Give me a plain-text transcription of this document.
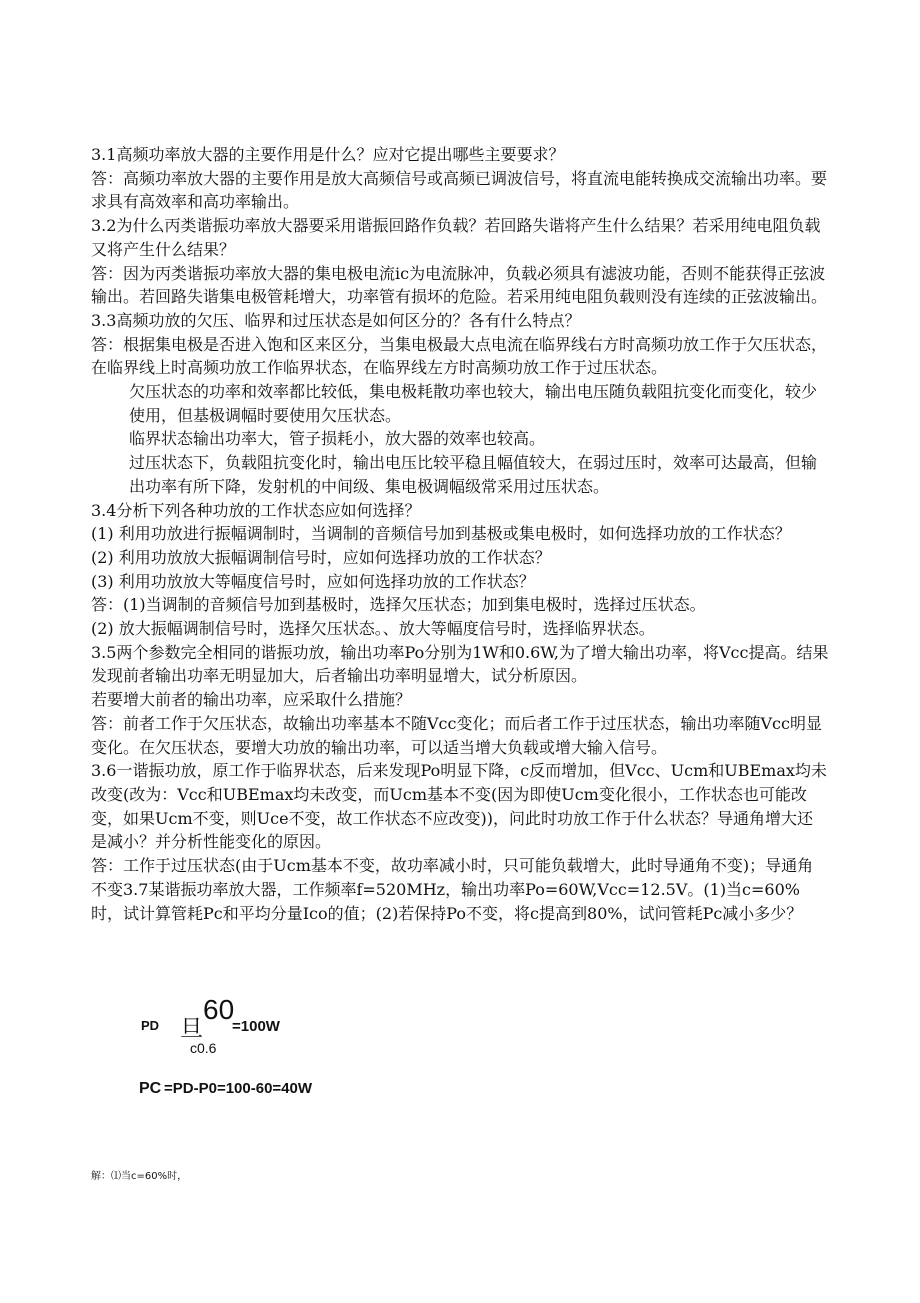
3.1高频功率放大器的主要作用是什么？应对它提出哪些主要要求？

答：高频功率放大器的主要作用是放大高频信号或高频已调波信号，将直流电能转换成交流输出功率。要求具有高效率和高功率输出。

3.2为什么丙类谐振功率放大器要采用谐振回路作负载？若回路失谐将产生什么结果？若采用纯电阻负载又将产生什么结果？

答：因为丙类谐振功率放大器的集电极电流ic为电流脉冲，负载必须具有滤波功能，否则不能获得正弦波输出。若回路失谐集电极管耗增大，功率管有损坏的危险。若采用纯电阻负载则没有连续的正弦波输出。

3.3高频功放的欠压、临界和过压状态是如何区分的？各有什么特点？

答：根据集电极是否进入饱和区来区分，当集电极最大点电流在临界线右方时高频功放工作于欠压状态，在临界线上时高频功放工作临界状态，在临界线左方时高频功放工作于过压状态。

欠压状态的功率和效率都比较低，集电极耗散功率也较大，输出电压随负载阻抗变化而变化，较少使用，但基极调幅时要使用欠压状态。

临界状态输出功率大，管子损耗小，放大器的效率也较高。

过压状态下，负载阻抗变化时，输出电压比较平稳且幅值较大，在弱过压时，效率可达最高，但输出功率有所下降，发射机的中间级、集电极调幅级常采用过压状态。

3.4分析下列各种功放的工作状态应如何选择？

(1) 利用功放进行振幅调制时，当调制的音频信号加到基极或集电极时，如何选择功放的工作状态？

(2) 利用功放放大振幅调制信号时，应如何选择功放的工作状态？

(3) 利用功放放大等幅度信号时，应如何选择功放的工作状态？

答：(1)当调制的音频信号加到基极时，选择欠压状态；加到集电极时，选择过压状态。

(2) 放大振幅调制信号时，选择欠压状态。、放大等幅度信号时，选择临界状态。

3.5两个参数完全相同的谐振功放，输出功率Po分别为1W和0.6W,为了增大输出功率，将Vcc提高。结果发现前者输出功率无明显加大，后者输出功率明显增大，试分析原因。

若要增大前者的输出功率，应采取什么措施？

答：前者工作于欠压状态，故输出功率基本不随Vcc变化；而后者工作于过压状态，输出功率随Vcc明显变化。在欠压状态，要增大功放的输出功率，可以适当增大负载或增大输入信号。

3.6一谐振功放，原工作于临界状态，后来发现Po明显下降，c反而增加，但Vcc、Ucm和UBEmax均未改变(改为：Vcc和UBEmax均未改变，而Ucm基本不变(因为即使Ucm变化很小，工作状态也可能改变，如果Ucm不变，则Uce不变，故工作状态不应改变))，问此时功放工作于什么状态？导通角增大还是减小？并分析性能变化的原因。

答：工作于过压状态(由于Ucm基本不变，故功率减小时，只可能负载增大，此时导通角不变)；导通角不变3.7某谐振功率放大器，工作频率f=520MHz，输出功率Po=60W,Vcc=12.5V。(1)当c=60%时，试计算管耗Pc和平均分量Ico的值；(2)若保持Po不变，将c提高到80%，试问管耗Pc减小多少？

PD 旦
60
=100W
c0.6
PC =PD-P0=100-60=40W
解：⑴当c=60%时，
